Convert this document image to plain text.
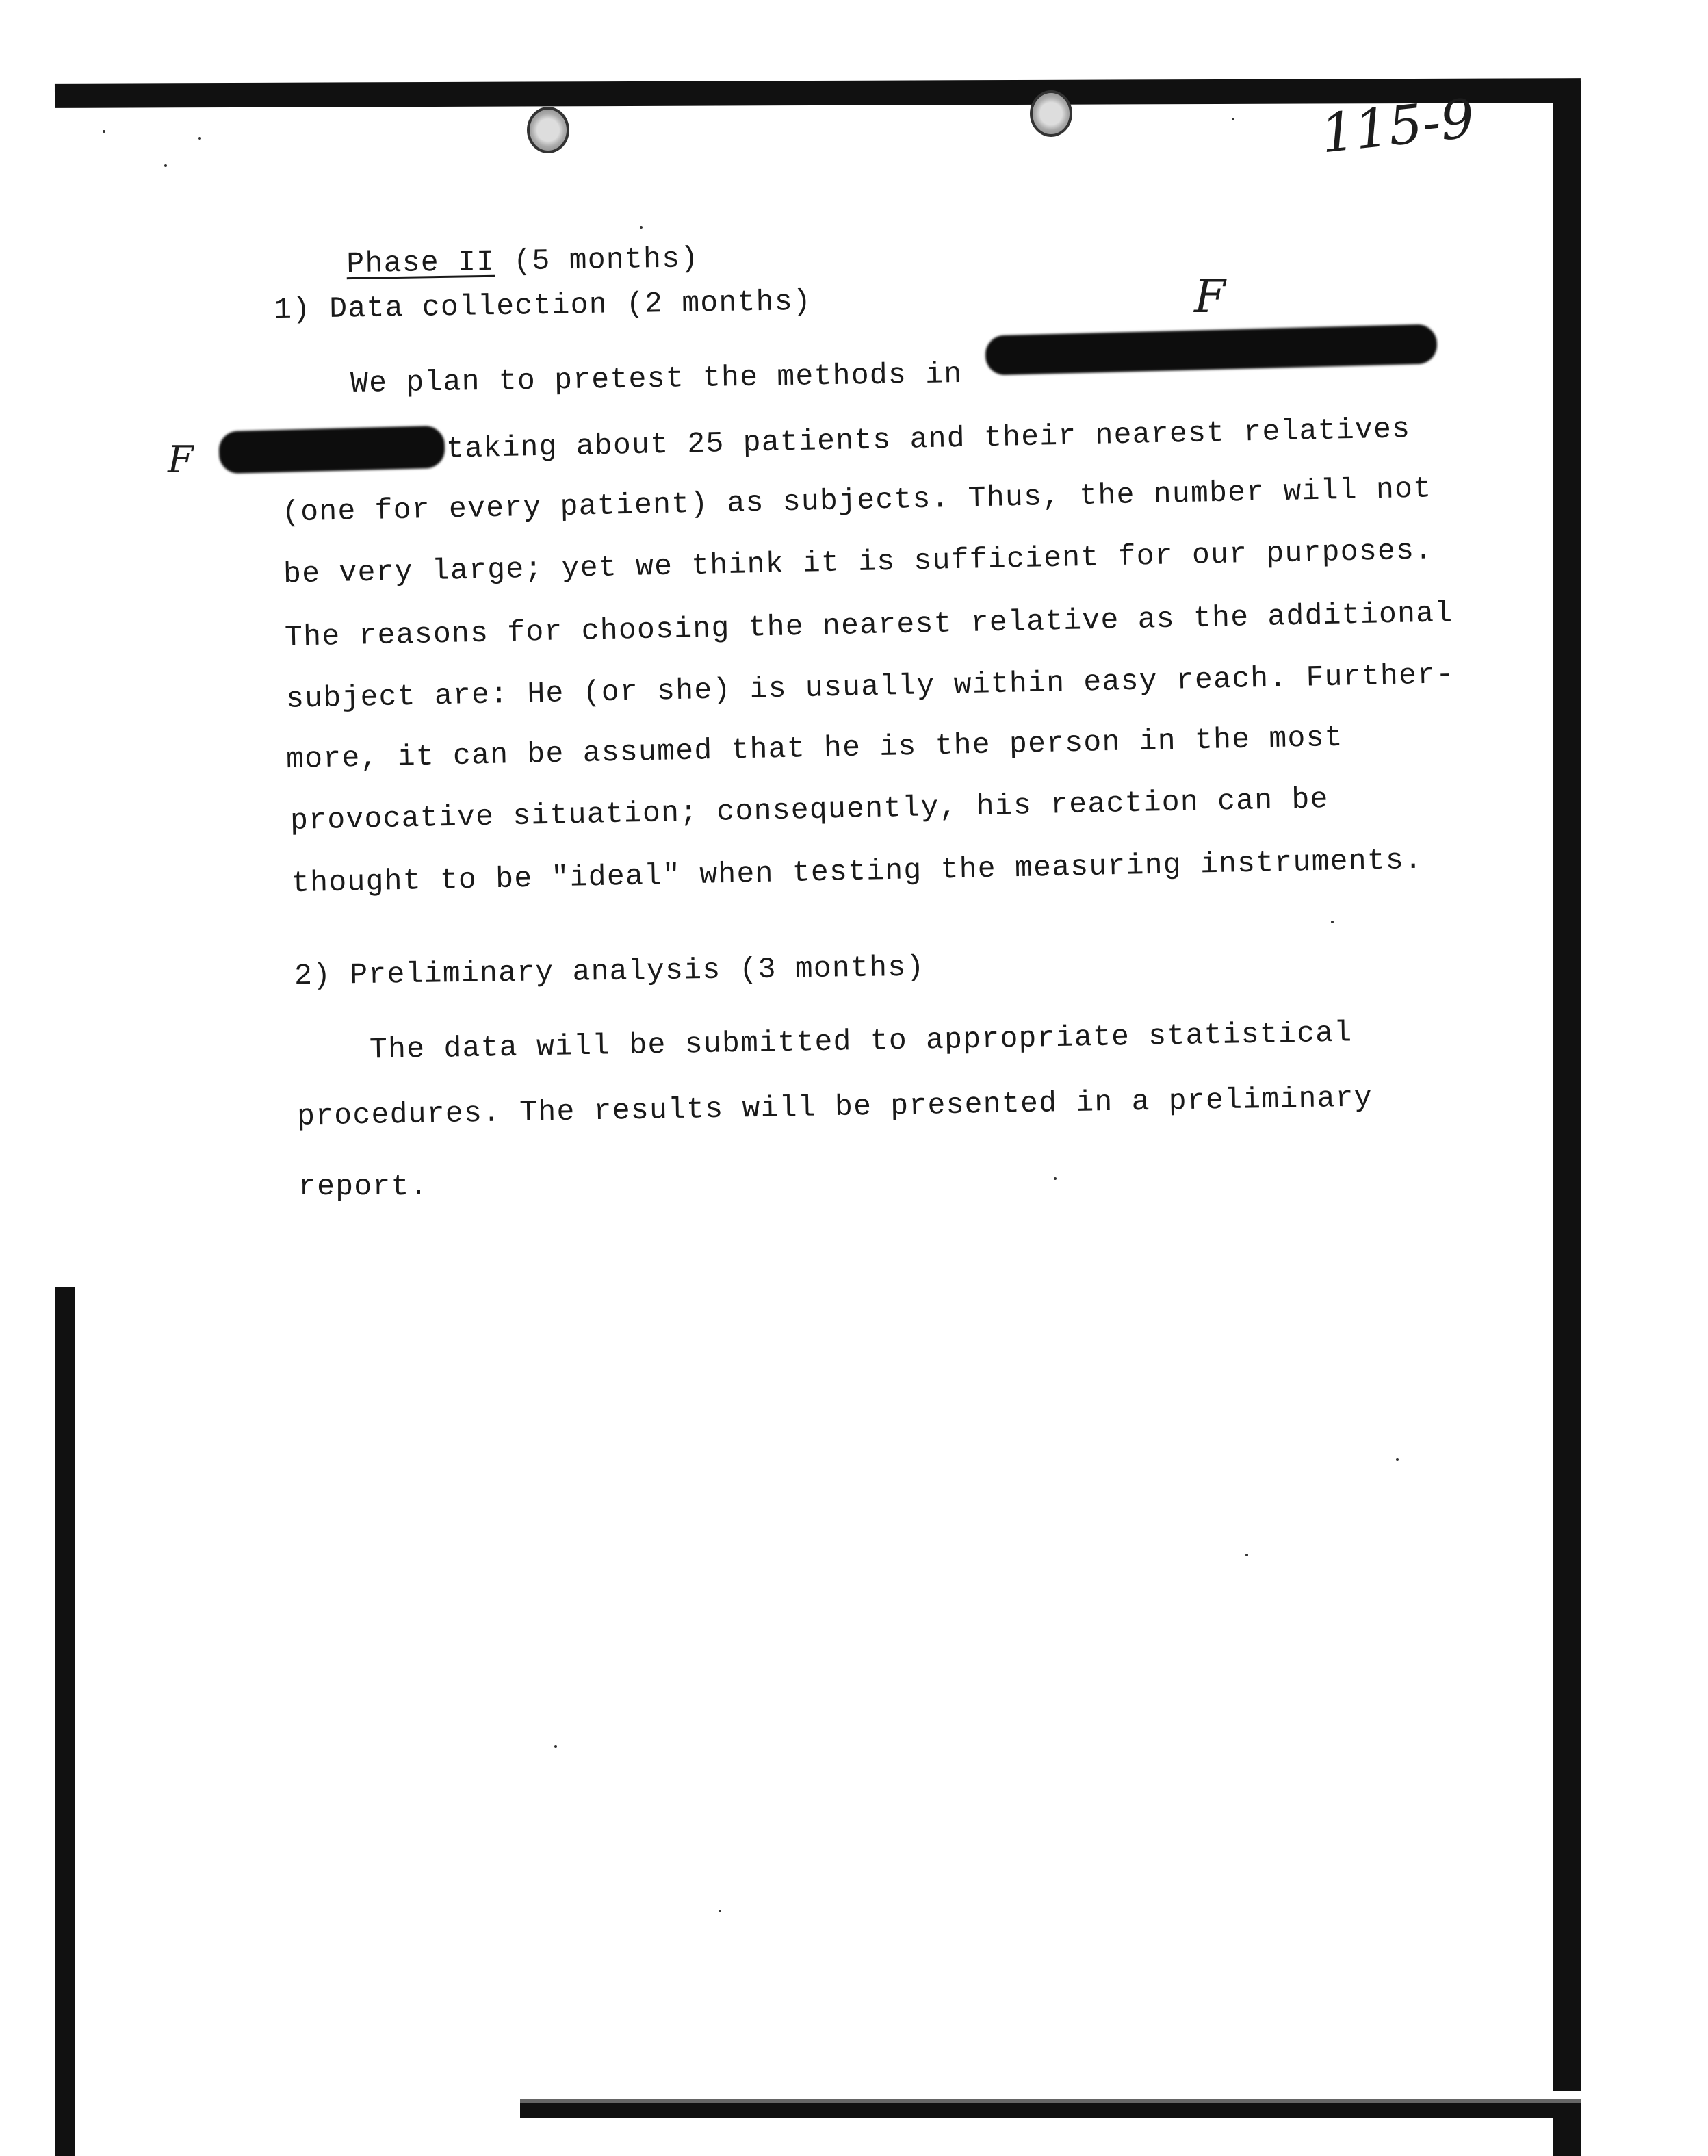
115-9
F
F

Phase II (5 months)

1) Data collection (2 months)
We plan to pretest the methods in
taking about 25 patients and their nearest relatives
(one for every patient) as subjects. Thus, the number will not
be very large; yet we think it is sufficient for our purposes.
The reasons for choosing the nearest relative as the additional
subject are: He (or she) is usually within easy reach. Further-
more, it can be assumed that he is the person in the most
provocative situation; consequently, his reaction can be
thought to be "ideal" when testing the measuring instruments.
2) Preliminary analysis (3 months)
The data will be submitted to appropriate statistical
procedures. The results will be presented in a preliminary
report.
